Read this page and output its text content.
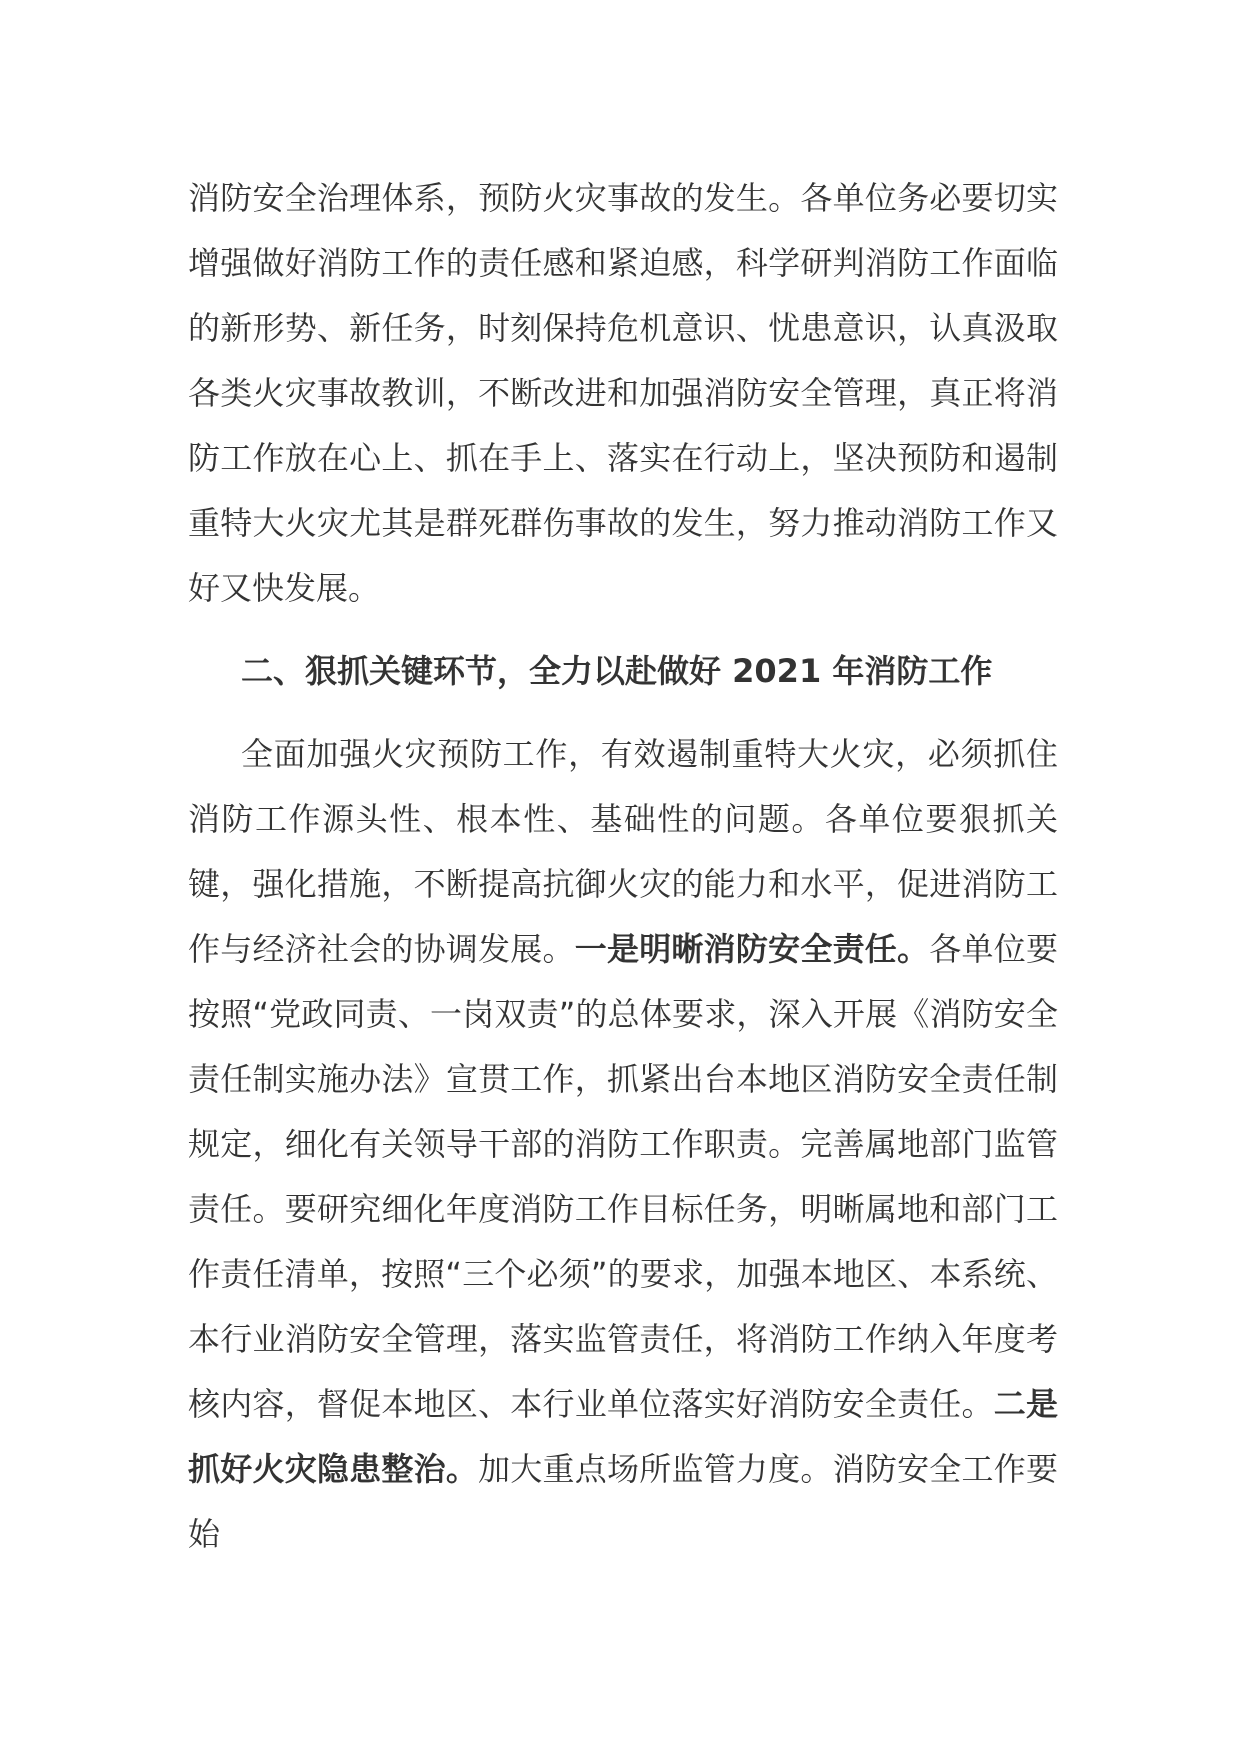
消防安全治理体系，预防火灾事故的发生。各单位务必要切实增强做好消防工作的责任感和紧迫感，科学研判消防工作面临的新形势、新任务，时刻保持危机意识、忧患意识，认真汲取各类火灾事故教训，不断改进和加强消防安全管理，真正将消防工作放在心上、抓在手上、落实在行动上，坚决预防和遏制重特大火灾尤其是群死群伤事故的发生，努力推动消防工作又好又快发展。

二、狠抓关键环节，全力以赴做好 2021 年消防工作

全面加强火灾预防工作，有效遏制重特大火灾，必须抓住消防工作源头性、根本性、基础性的问题。各单位要狠抓关键，强化措施，不断提高抗御火灾的能力和水平，促进消防工作与经济社会的协调发展。一是明晰消防安全责任。各单位要按照“党政同责、一岗双责”的总体要求，深入开展《消防安全责任制实施办法》宣贯工作，抓紧出台本地区消防安全责任制规定，细化有关领导干部的消防工作职责。完善属地部门监管责任。要研究细化年度消防工作目标任务，明晰属地和部门工作责任清单，按照“三个必须”的要求，加强本地区、本系统、本行业消防安全管理，落实监管责任，将消防工作纳入年度考核内容，督促本地区、本行业单位落实好消防安全责任。二是抓好火灾隐患整治。加大重点场所监管力度。消防安全工作要始
